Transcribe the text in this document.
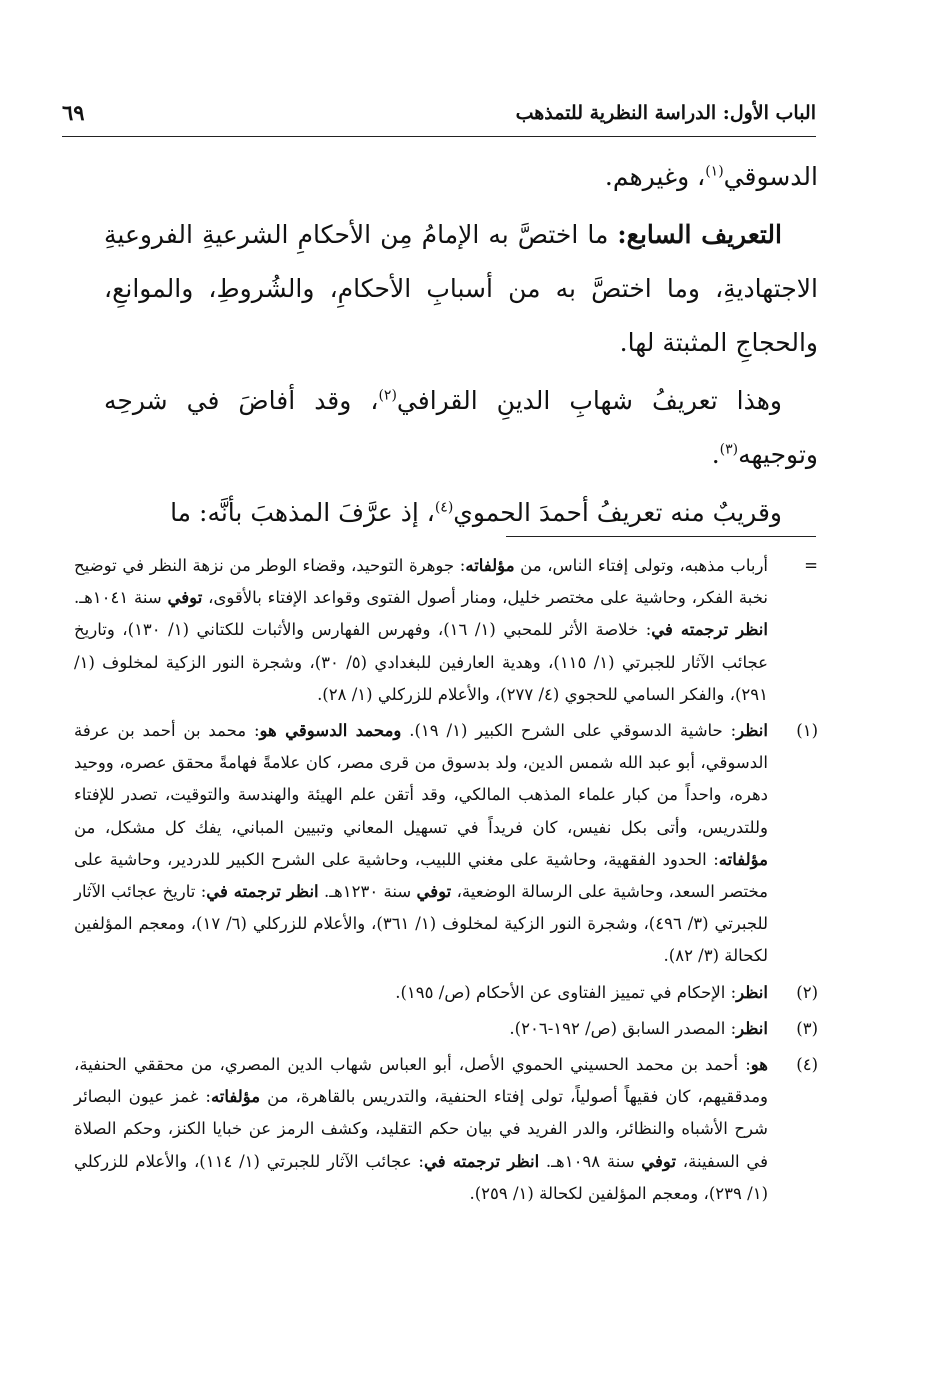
الباب الأول: الدراسة النظرية للتمذهب
٦٩

الدسوقي$^{(١)}$، وغيرهم.

التعريف السابع: ما اختصَّ به الإمامُ مِن الأحكامِ الشرعيةِ الفروعيةِ الاجتهاديةِ، وما اختصَّ به من أسبابِ الأحكامِ، والشُروطِ، والموانعِ، والحجاجِ المثبتة لها.

وهذا تعريفُ شهابِ الدينِ القرافي$^{(٢)}$، وقد أفاضَ في شرحِه وتوجيهه$^{(٣)}$.

وقريبٌ منه تعريفُ أحمدَ الحموي$^{(٤)}$، إذ عرَّفَ المذهبَ بأنَّه: ما

=
أرباب مذهبه، وتولى إفتاء الناس، من مؤلفاته: جوهرة التوحيد، وقضاء الوطر من نزهة النظر في توضيح نخبة الفكر، وحاشية على مختصر خليل، ومنار أصول الفتوى وقواعد الإفتاء بالأقوى، توفي سنة ١٠٤١هـ. انظر ترجمته في: خلاصة الأثر للمحبي (١/ ١٦)، وفهرس الفهارس والأثبات للكتاني (١/ ١٣٠)، وتاريخ عجائب الآثار للجبرتي (١/ ١١٥)، وهدية العارفين للبغدادي (٥/ ٣٠)، وشجرة النور الزكية لمخلوف (١/ ٢٩١)، والفكر السامي للحجوي (٤/ ٢٧٧)، والأعلام للزركلي (١/ ٢٨).
(١)
انظر: حاشية الدسوقي على الشرح الكبير (١/ ١٩). ومحمد الدسوقي هو: محمد بن أحمد بن عرفة الدسوقي، أبو عبد الله شمس الدين، ولد بدسوق من قرى مصر، كان علامةً فهامةً محقق عصره، ووحيد دهره، واحداً من كبار علماء المذهب المالكي، وقد أتقن علم الهيئة والهندسة والتوقيت، تصدر للإفتاء وللتدريس، وأتى بكل نفيس، كان فريداً في تسهيل المعاني وتبيين المباني، يفك كل مشكل، من مؤلفاته: الحدود الفقهية، وحاشية على مغني اللبيب، وحاشية على الشرح الكبير للدردير، وحاشية على مختصر السعد، وحاشية على الرسالة الوضعية، توفي سنة ١٢٣٠هـ. انظر ترجمته في: تاريخ عجائب الآثار للجبرتي (٣/ ٤٩٦)، وشجرة النور الزكية لمخلوف (١/ ٣٦١)، والأعلام للزركلي (٦/ ١٧)، ومعجم المؤلفين لكحالة (٣/ ٨٢).
(٢)
انظر: الإحكام في تمييز الفتاوى عن الأحكام (ص/ ١٩٥).
(٣)
انظر: المصدر السابق (ص/ ١٩٢-٢٠٦).
(٤)
هو: أحمد بن محمد الحسيني الحموي الأصل، أبو العباس شهاب الدين المصري، من محققي الحنفية، ومدققيهم، كان فقيهاً أصولياً، تولى إفتاء الحنفية، والتدريس بالقاهرة، من مؤلفاته: غمز عيون البصائر شرح الأشباه والنظائر، والدر الفريد في بيان حكم التقليد، وكشف الرمز عن خبايا الكنز، وحكم الصلاة في السفينة، توفي سنة ١٠٩٨هـ. انظر ترجمته في: عجائب الآثار للجبرتي (١/ ١١٤)، والأعلام للزركلي (١/ ٢٣٩)، ومعجم المؤلفين لكحالة (١/ ٢٥٩).
